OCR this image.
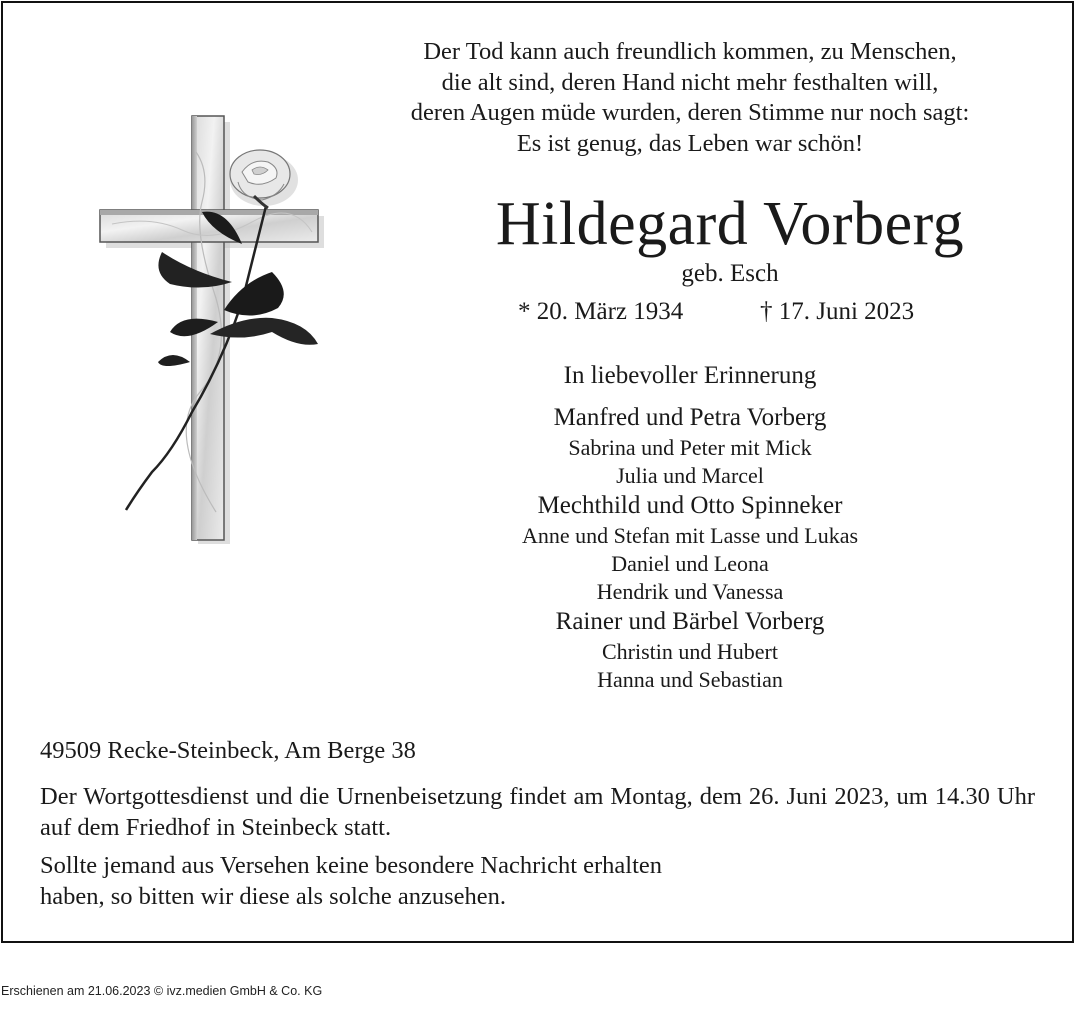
Der Tod kann auch freundlich kommen, zu Menschen,
die alt sind, deren Hand nicht mehr festhalten will,
deren Augen müde wurden, deren Stimme nur noch sagt:
Es ist genug, das Leben war schön!
Hildegard Vorberg
geb. Esch
* 20. März 1934	† 17. Juni 2023
In liebevoller Erinnerung
Manfred und Petra Vorberg
Sabrina und Peter mit Mick
Julia und Marcel
Mechthild und Otto Spinneker
Anne und Stefan mit Lasse und Lukas
Daniel und Leona
Hendrik und Vanessa
Rainer und Bärbel Vorberg
Christin und Hubert
Hanna und Sebastian
49509 Recke-Steinbeck, Am Berge 38
Der Wortgottesdienst und die Urnenbeisetzung findet am Montag, dem 26. Juni 2023, um 14.30 Uhr auf dem Friedhof in Steinbeck statt.
Sollte jemand aus Versehen keine besondere Nachricht erhalten
haben, so bitten wir diese als solche anzusehen.
Erschienen am 21.06.2023 © ivz.medien GmbH & Co. KG
